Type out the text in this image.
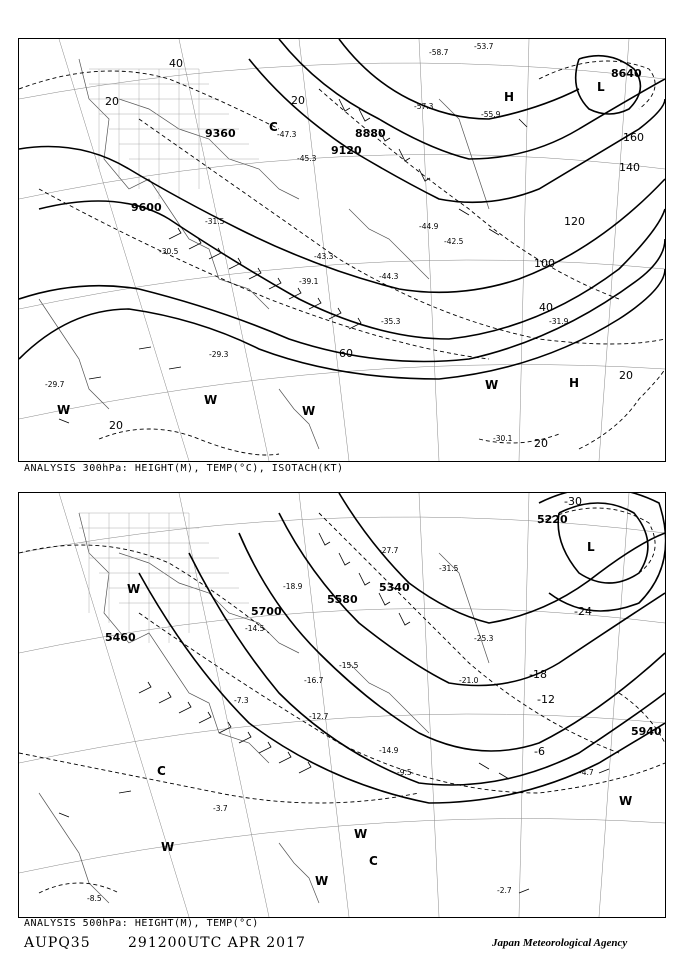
9600
9360
9120
8880
8640
20
40
60
100
120
140
160
20
20
20
40
20
-53.7
-58.7
-55.9
-57.3
-47.3
-45.3
-44.9
-43.3
-39.1
-31.5
-30.5
-29.3
-29.7
-31.9
-35.3
-44.3
-42.5
-30.1
H
L
H
C
W
W
W
W
ANALYSIS 300hPa: HEIGHT(M), TEMP(°C), ISOTACH(KT)
5700
5580
5340
5220
5940
5460
-30
-24
-18
-12
-6
-18.9
-15.5
-16.7
-14.9
-9.5	-4.7
-2.7
-3.7
-8.5
-27.7
-31.5
-25.3
-21.0
-14.5
-12.7
-7.3
L
C
C
W
W
W
W
W
ANALYSIS 500hPa: HEIGHT(M), TEMP(°C)
AUPQ35	291200UTC APR 2017	Japan Meteorological Agency
